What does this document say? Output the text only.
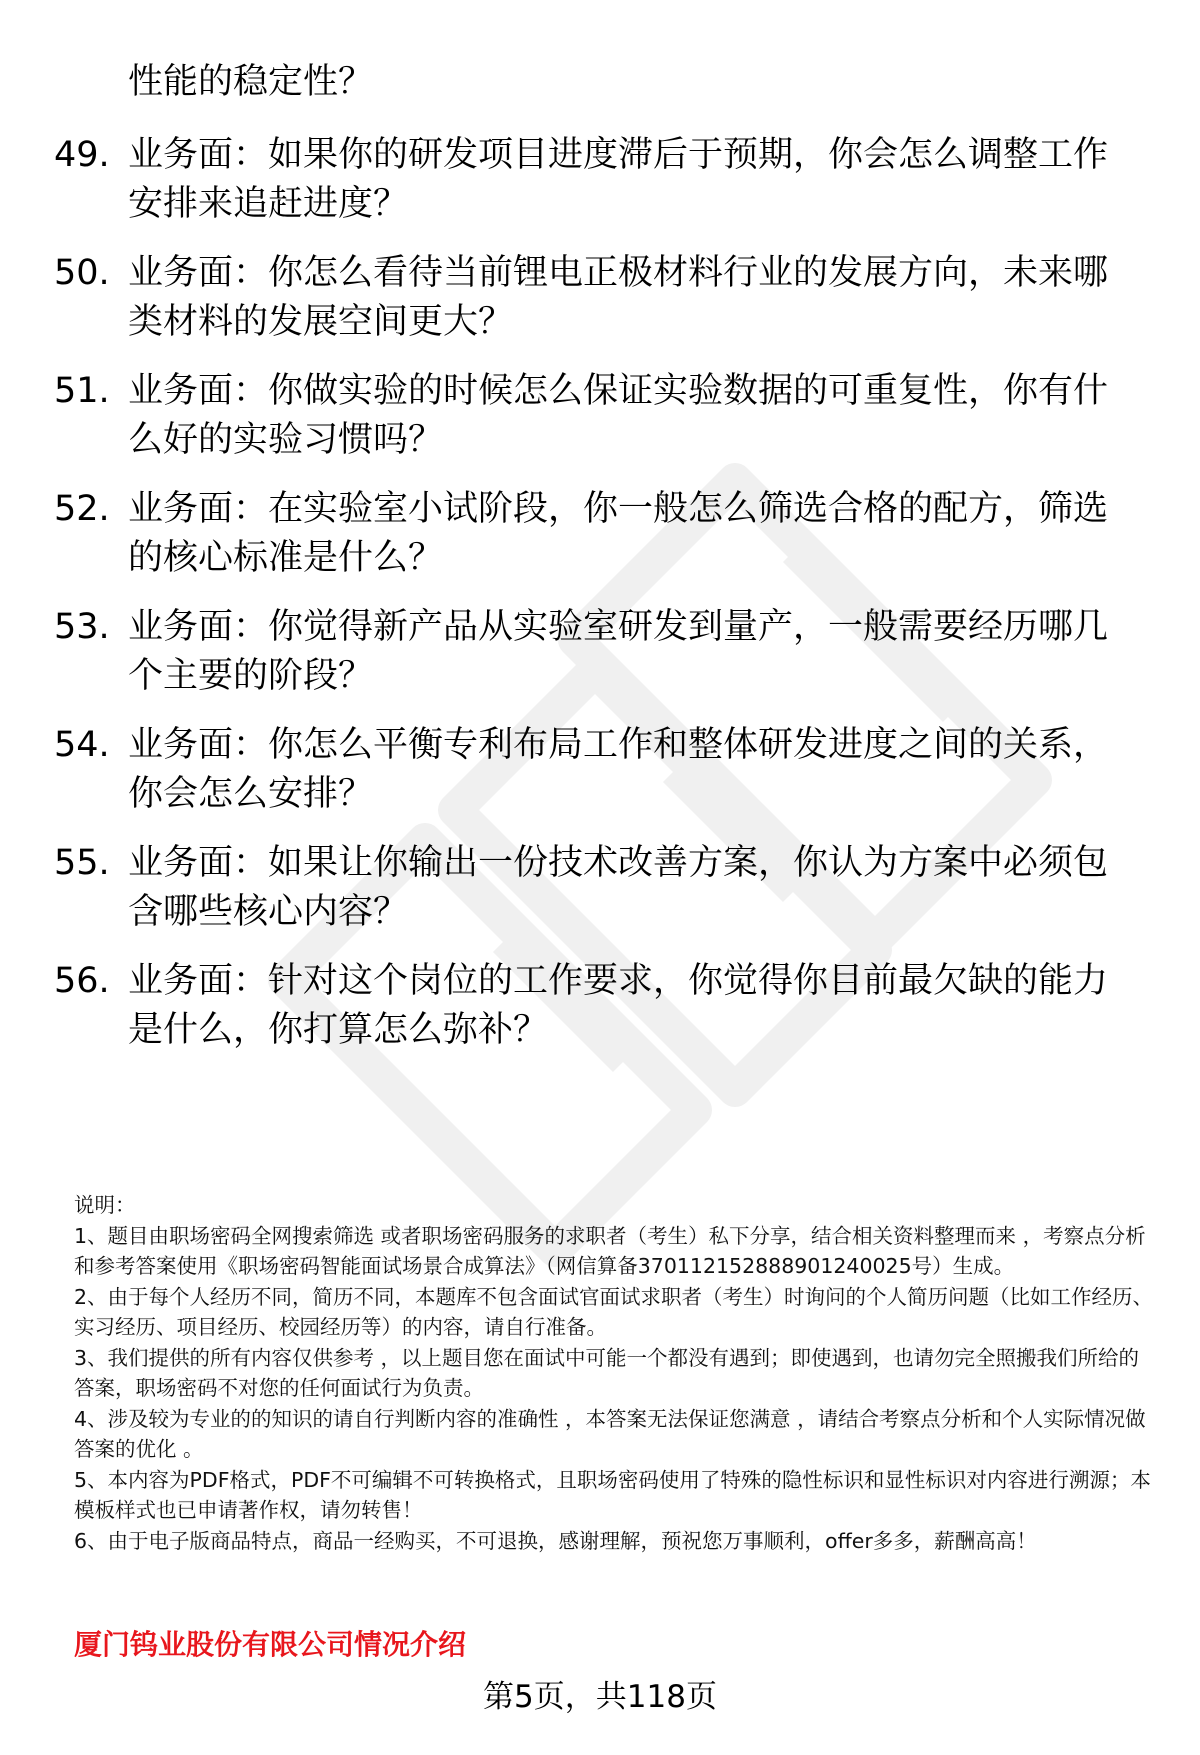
性能的稳定性？
49. 业务面：如果你的研发项目进度滞后于预期，你会怎么调整工作安排来追赶进度？
50. 业务面：你怎么看待当前锂电正极材料行业的发展方向，未来哪类材料的发展空间更大？
51. 业务面：你做实验的时候怎么保证实验数据的可重复性，你有什么好的实验习惯吗？
52. 业务面：在实验室小试阶段，你一般怎么筛选合格的配方，筛选的核心标准是什么？
53. 业务面：你觉得新产品从实验室研发到量产，一般需要经历哪几个主要的阶段？
54. 业务面：你怎么平衡专利布局工作和整体研发进度之间的关系，你会怎么安排？
55. 业务面：如果让你输出一份技术改善方案，你认为方案中必须包含哪些核心内容？
56. 业务面：针对这个岗位的工作要求，你觉得你目前最欠缺的能力是什么，你打算怎么弥补？

说明：

1、题目由职场密码全网搜索筛选 或者职场密码服务的求职者（考生）私下分享，结合相关资料整理而来 ，考察点分析和参考答案使用《职场密码智能面试场景合成算法》（网信算备370112152888901240025号）生成。

2、由于每个人经历不同，简历不同，本题库不包含面试官面试求职者（考生）时询问的个人简历问题（比如工作经历、实习经历、项目经历、校园经历等）的内容，请自行准备。

3、我们提供的所有内容仅供参考 ，以上题目您在面试中可能一个都没有遇到；即使遇到，也请勿完全照搬我们所给的答案，职场密码不对您的任何面试行为负责。

4、涉及较为专业的的知识的请自行判断内容的准确性 ，本答案无法保证您满意 ，请结合考察点分析和个人实际情况做答案的优化 。

5、本内容为PDF格式，PDF不可编辑不可转换格式，且职场密码使用了特殊的隐性标识和显性标识对内容进行溯源；本模板样式也已申请著作权，请勿转售！

6、由于电子版商品特点，商品一经购买，不可退换，感谢理解，预祝您万事顺利，offer多多，薪酬高高！

厦门钨业股份有限公司情况介绍
第5页，共118页
